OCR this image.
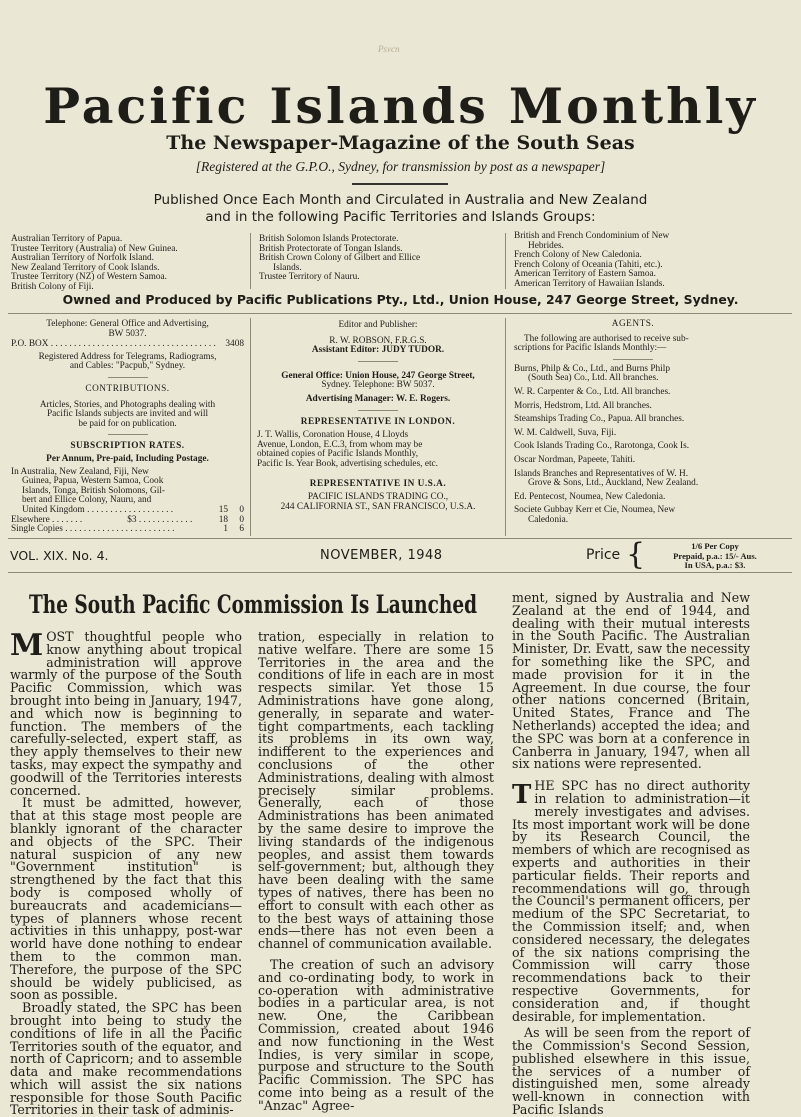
Psvcn
Pacific Islands Monthly
The Newspaper-Magazine of the South Seas
[Registered at the G.P.O., Sydney, for transmission by post as a newspaper]
Published Once Each Month and Circulated in Australia and New Zealand
and in the following Pacific Territories and Islands Groups:
Australian Territory of Papua.
Trustee Territory (Australia) of New Guinea.
Australian Territory of Norfolk Island.
New Zealand Territory of Cook Islands.
Trustee Territory (NZ) of Western Samoa.
British Colony of Fiji.
British Solomon Islands Protectorate.
British Protectorate of Tongan Islands.
British Crown Colony of Gilbert and Ellice
Islands.
Trustee Territory of Nauru.
British and French Condominium of New
Hebrides.
French Colony of New Caledonia.
French Colony of Oceania (Tahiti, etc.).
American Territory of Eastern Samoa.
American Territory of Hawaiian Islands.
Owned and Produced by Pacific Publications Pty., Ltd., Union House, 247 George Street, Sydney.
Telephone: General Office and Advertising,
BW 5037.
P.O. BOX . . . . . . . . . . . . . . . . . . . . . . . . . . . . . . . . . . . .	3408
Registered Address for Telegrams, Radiograms,
and Cables: "Pacpub," Sydney.
CONTRIBUTIONS.
Articles, Stories, and Photographs dealing with
Pacific Islands subjects are invited and will
be paid for on publication.
SUBSCRIPTION RATES.
Per Annum, Pre-paid, Including Postage.
In Australia, New Zealand, Fiji, New
Guinea, Papua, Western Samoa, Cook
Islands, Tonga, British Solomons, Gil-
bert and Ellice Colony, Nauru, and
United Kingdom . . . . . . . . . . . . . . . . . . .	15	0
Elsewhere . . . . . . .	$3 . . . . . . . . . . . .	18	0
Single Copies . . . . . . . . . . . . . . . . . . . . . . . .	1	6
Editor and Publisher:
R. W. ROBSON, F.R.G.S.
Assistant Editor: JUDY TUDOR.
General Office: Union House, 247 George Street,
Sydney. Telephone: BW 5037.
Advertising Manager: W. E. Rogers.
REPRESENTATIVE IN LONDON.
J. T. Wallis, Coronation House, 4 Lloyds
Avenue, London, E.C.3, from whom may be
obtained copies of Pacific Islands Monthly,
Pacific Is. Year Book, advertising schedules, etc.
REPRESENTATIVE IN U.S.A.
PACIFIC ISLANDS TRADING CO.,
244 CALIFORNIA ST., SAN FRANCISCO, U.S.A.
AGENTS.
The following are authorised to receive sub-
scriptions for Pacific Islands Monthly:—
Burns, Philp & Co., Ltd., and Burns Philp
(South Sea) Co., Ltd. All branches.
W. R. Carpenter & Co., Ltd. All branches.
Morris, Hedstrom, Ltd. All branches.
Steamships Trading Co., Papua. All branches.
W. M. Caldwell, Suva, Fiji.
Cook Islands Trading Co., Rarotonga, Cook Is.
Oscar Nordman, Papeete, Tahiti.
Islands Branches and Representatives of W. H.
Grove & Sons, Ltd., Auckland, New Zealand.
Ed. Pentecost, Noumea, New Caledonia.
Societe Gubbay Kerr et Cie, Noumea, New
Caledonia.
VOL. XIX. No. 4.	NOVEMBER, 1948	Price {	1/6 Per Copy
Prepaid, p.a.: 15/- Aus.
In USA, p.a.: $3.
The South Pacific Commission Is Launched

MOST thoughtful people who know anything about tropical administration will approve warmly of the purpose of the South Pacific Commission, which was brought into being in January, 1947, and which now is beginning to function. The members of the carefully-selected, expert staff, as they apply themselves to their new tasks, may expect the sympathy and goodwill of the Territories interests concerned.

It must be admitted, however, that at this stage most people are blankly ignorant of the character and objects of the SPC. Their natural suspicion of any new "Government institution" is strengthened by the fact that this body is composed wholly of bureaucrats and academicians—types of planners whose recent activities in this unhappy, post-war world have done nothing to endear them to the common man. Therefore, the purpose of the SPC should be widely publicised, as soon as possible.

Broadly stated, the SPC has been brought into being to study the conditions of life in all the Pacific Territories south of the equator, and north of Capricorn; and to assemble data and make recommendations which will assist the six nations responsible for those South Pacific Territories in their task of adminis-

tration, especially in relation to native welfare. There are some 15 Territories in the area and the conditions of life in each are in most respects similar. Yet those 15 Administrations have gone along, generally, in separate and water-tight compartments, each tackling its problems in its own way, indifferent to the experiences and conclusions of the other Administrations, dealing with almost precisely similar problems. Generally, each of those Administrations has been animated by the same desire to improve the living standards of the indigenous peoples, and assist them towards self-government; but, although they have been dealing with the same types of natives, there has been no effort to consult with each other as to the best ways of attaining those ends—there has not even been a channel of communication available.

The creation of such an advisory and co-ordinating body, to work in co-operation with administrative bodies in a particular area, is not new. One, the Caribbean Commission, created about 1946 and now functioning in the West Indies, is very similar in scope, purpose and structure to the South Pacific Commission. The SPC has come into being as a result of the "Anzac" Agree-

ment, signed by Australia and New Zealand at the end of 1944, and dealing with their mutual interests in the South Pacific. The Australian Minister, Dr. Evatt, saw the necessity for something like the SPC, and made provision for it in the Agreement. In due course, the four other nations concerned (Britain, United States, France and The Netherlands) accepted the idea; and the SPC was born at a conference in Canberra in January, 1947, when all six nations were represented.

THE SPC has no direct authority in relation to administration—it merely investigates and advises. Its most important work will be done by its Research Council, the members of which are recognised as experts and authorities in their particular fields. Their reports and recommendations will go, through the Council's permanent officers, per medium of the SPC Secretariat, to the Commission itself; and, when considered necessary, the delegates of the six nations comprising the Commission will carry those recommendations back to their respective Governments, for consideration and, if thought desirable, for implementation.

As will be seen from the report of the Commission's Second Session, published elsewhere in this issue, the services of a number of distinguished men, some already well-known in connection with Pacific Islands
